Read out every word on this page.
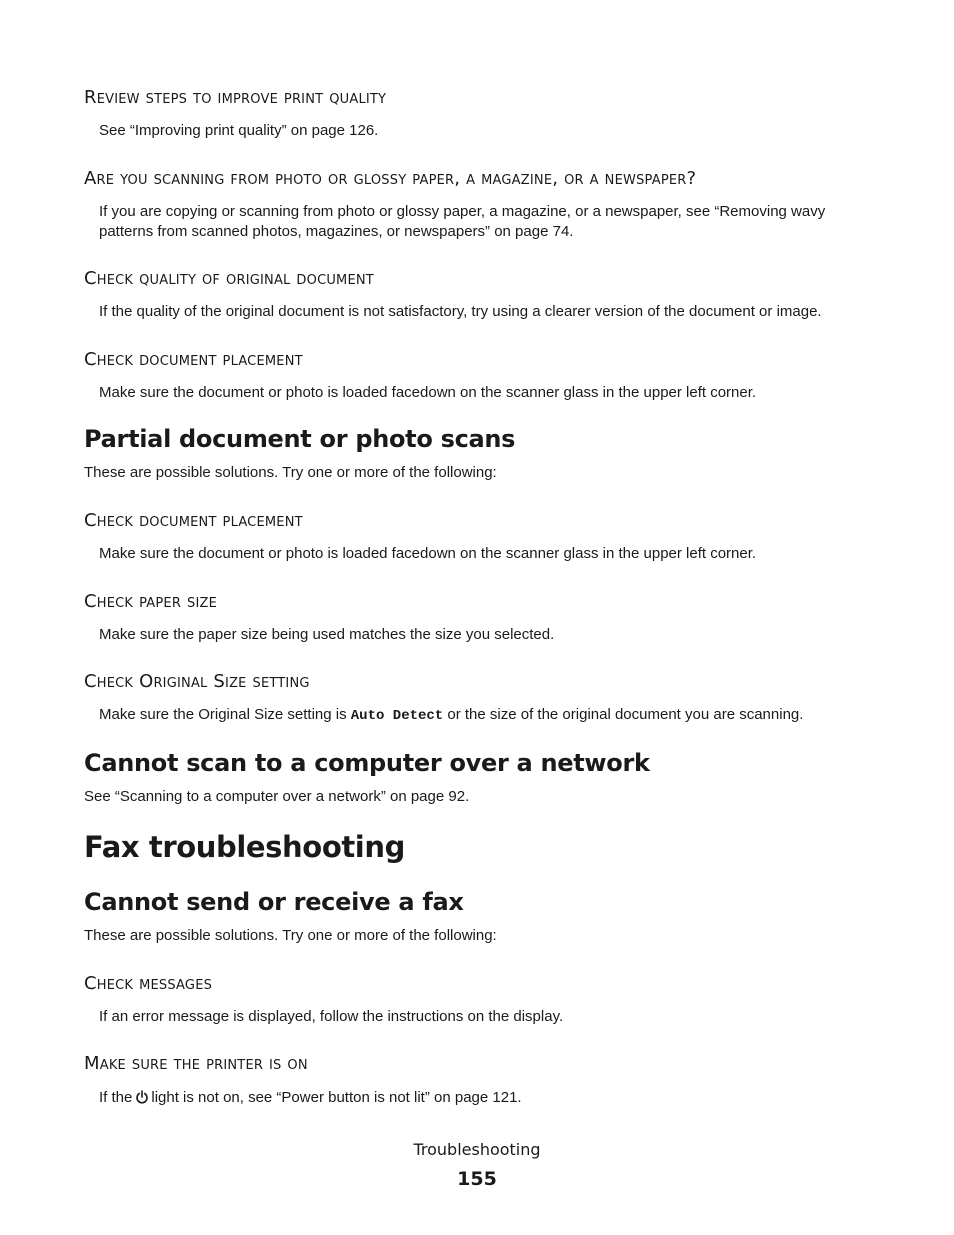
Review steps to improve print quality
See “Improving print quality” on page 126.
Are you scanning from photo or glossy paper, a magazine, or a newspaper?
If you are copying or scanning from photo or glossy paper, a magazine, or a newspaper, see “Removing wavy patterns from scanned photos, magazines, or newspapers” on page 74.
Check quality of original document
If the quality of the original document is not satisfactory, try using a clearer version of the document or image.
Check document placement
Make sure the document or photo is loaded facedown on the scanner glass in the upper left corner.
Partial document or photo scans
These are possible solutions. Try one or more of the following:
Check document placement
Make sure the document or photo is loaded facedown on the scanner glass in the upper left corner.
Check paper size
Make sure the paper size being used matches the size you selected.
Check Original Size setting
Make sure the Original Size setting is Auto Detect or the size of the original document you are scanning.
Cannot scan to a computer over a network
See “Scanning to a computer over a network” on page 92.
Fax troubleshooting
Cannot send or receive a fax
These are possible solutions. Try one or more of the following:
Check messages
If an error message is displayed, follow the instructions on the display.
Make sure the printer is on
If the light is not on, see “Power button is not lit” on page 121.
Troubleshooting
155
